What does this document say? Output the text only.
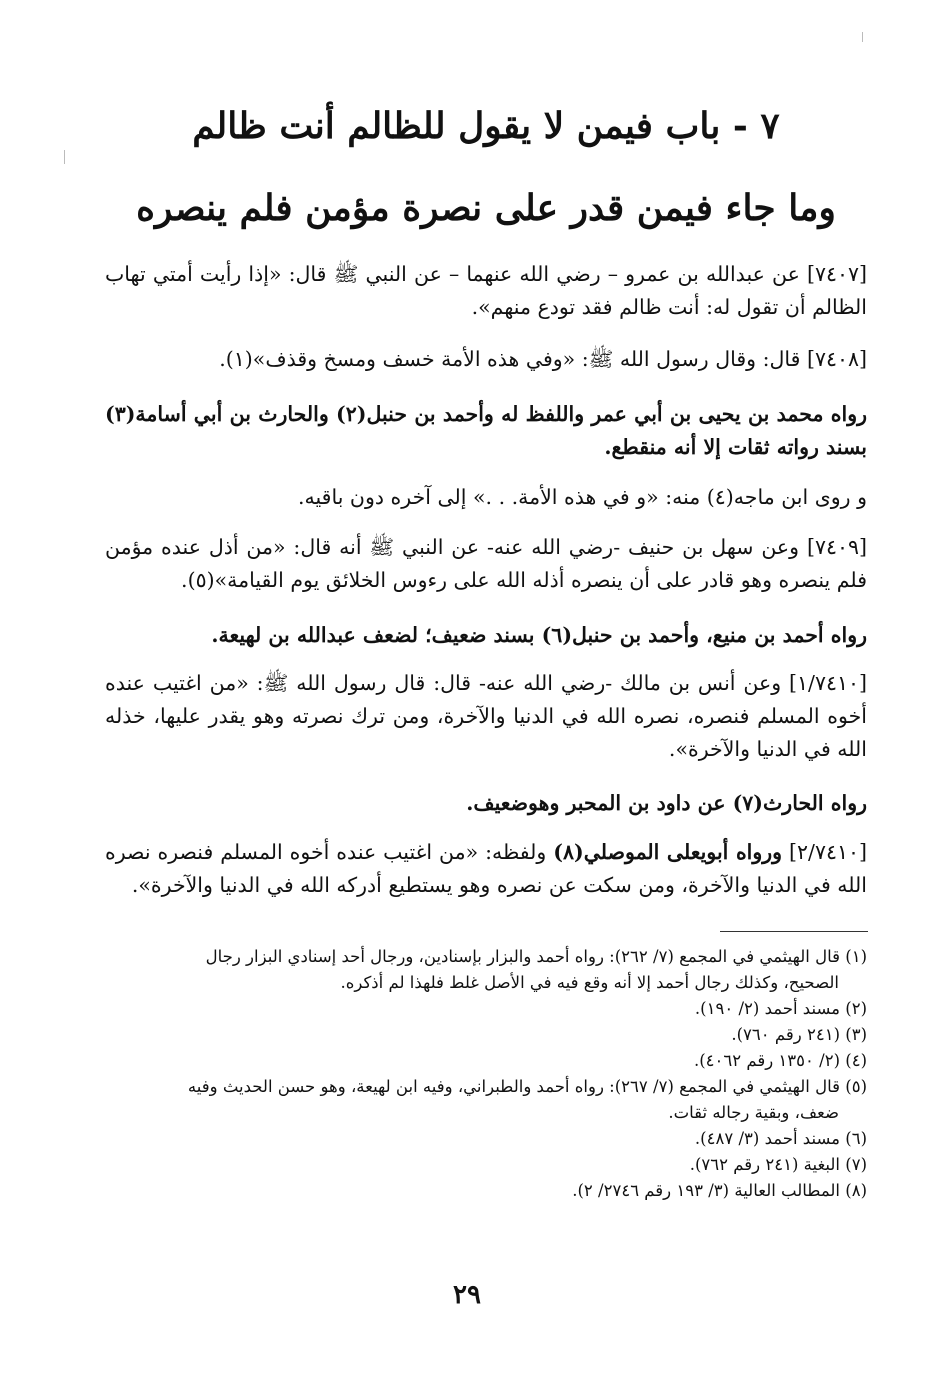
٧ - باب فيمن لا يقول للظالم أنت ظالم
وما جاء فيمن قدر على نصرة مؤمن فلم ينصره
[٧٤٠٧] عن عبدالله بن عمرو – رضي الله عنهما – عن النبي ﷺ قال: «إذا رأيت أمتي تهاب الظالم أن تقول له: أنت ظالم فقد تودع منهم».
[٧٤٠٨] قال: وقال رسول الله ﷺ: «وفي هذه الأمة خسف ومسخ وقذف»(١).
رواه محمد بن يحيى بن أبي عمر واللفظ له وأحمد بن حنبل(٢) والحارث بن أبي أسامة(٣) بسند رواته ثقات إلا أنه منقطع.
و روى ابن ماجه(٤) منه: «و في هذه الأمة. . .» إلى آخره دون باقيه.
[٧٤٠٩] وعن سهل بن حنيف -رضي الله عنه- عن النبي ﷺ أنه قال: «من أذل عنده مؤمن فلم ينصره وهو قادر على أن ينصره أذله الله على رءوس الخلائق يوم القيامة»(٥).
رواه أحمد بن منيع، وأحمد بن حنبل(٦) بسند ضعيف؛ لضعف عبدالله بن لهيعة.
[١/٧٤١٠] وعن أنس بن مالك -رضي الله عنه- قال: قال رسول الله ﷺ: «من اغتيب عنده أخوه المسلم فنصره، نصره الله في الدنيا والآخرة، ومن ترك نصرته وهو يقدر عليها، خذله الله في الدنيا والآخرة».
رواه الحارث(٧) عن داود بن المحبر وهوضعيف.
[٢/٧٤١٠] ورواه أبويعلى الموصلي(٨) ولفظه: «من اغتيب عنده أخوه المسلم فنصره نصره الله في الدنيا والآخرة، ومن سكت عن نصره وهو يستطيع أدركه الله في الدنيا والآخرة».
(١) قال الهيثمي في المجمع (٧/ ٢٦٢): رواه أحمد والبزار بإسنادين، ورجال أحد إسنادي البزار رجال
الصحيح، وكذلك رجال أحمد إلا أنه وقع فيه في الأصل غلط فلهذا لم أذكره.
(٢) مسند أحمد (٢/ ١٩٠).
(٣) (٢٤١ رقم ٧٦٠).
(٤) (٢/ ١٣٥٠ رقم ٤٠٦٢).
(٥) قال الهيثمي في المجمع (٧/ ٢٦٧): رواه أحمد والطبراني، وفيه ابن لهيعة، وهو حسن الحديث وفيه
ضعف، وبقية رجاله ثقات.
(٦) مسند أحمد (٣/ ٤٨٧).
(٧) البغية (٢٤١ رقم ٧٦٢).
(٨) المطالب العالية (٣/ ١٩٣ رقم ٢٧٤٦/ ٢).
٢٩
